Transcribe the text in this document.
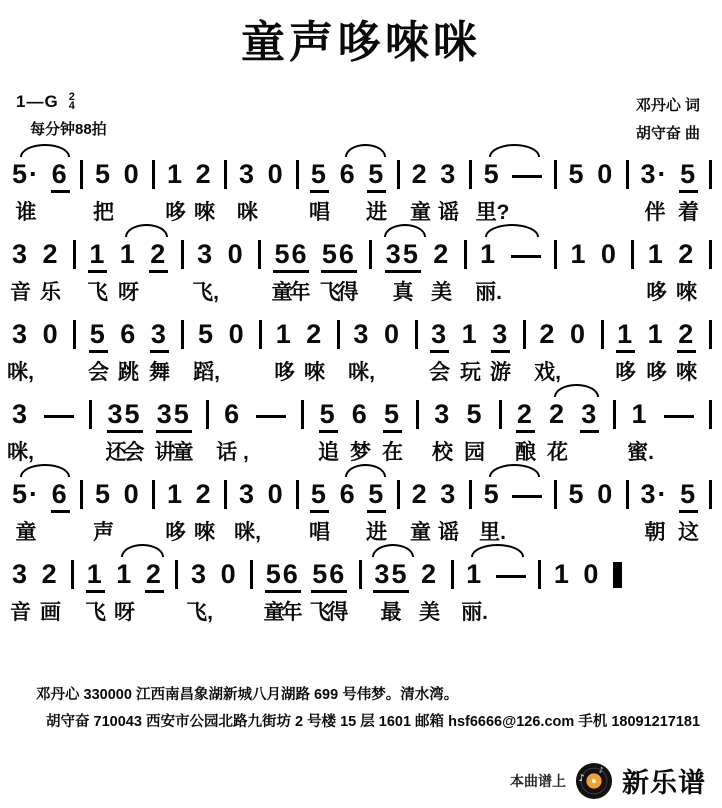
童声哆唻咪
1—G 2
4
每分钟88拍
邓丹心 词
胡守奋 曲
5· 6 5 0 1 2 3 0 5 6 5 2 3 5	5 0 3· 5
谁	把 哆 唻 咪 唱 进 童 谣 里?	伴 着
3 2 1 1 2 3 0 56 56 35 2 1	1 0 1 2
音 乐 飞 呀	飞,	童
年 飞
得 真 美 丽.	哆 唻
3 0 5 6 3 5 0 1 2 3 0 3 1 3 2 0 1 1 2
咪,	会 跳 舞 蹈,	哆 唻 咪,	会 玩 游 戏,	哆 哆 唻
3	35 35 6	5 6 5 3 5 2 2 3 1
咪,	还
会 讲
童 话 ,	追 梦 在 校 园 酿 花	蜜.
5· 6 5 0 1 2 3 0 5 6 5 2 3 5	5 0 3· 5
童	声 哆 唻 咪, 唱 进 童 谣 里.	朝 这
3 2 1 1 2 3 0 56 56 35 2 1	1 0
音 画 飞 呀 飞, 童
年 飞
得 最 美 丽.
邓丹心 330000 江西南昌象湖新城八月湖路 699 号伟梦。清水湾。
胡守奋 710043 西安市公园北路九街坊 2 号楼 15 层 1601 邮箱 hsf6666@126.com 手机 18091217181
本曲谱上 ♪
♪ 新乐谱
